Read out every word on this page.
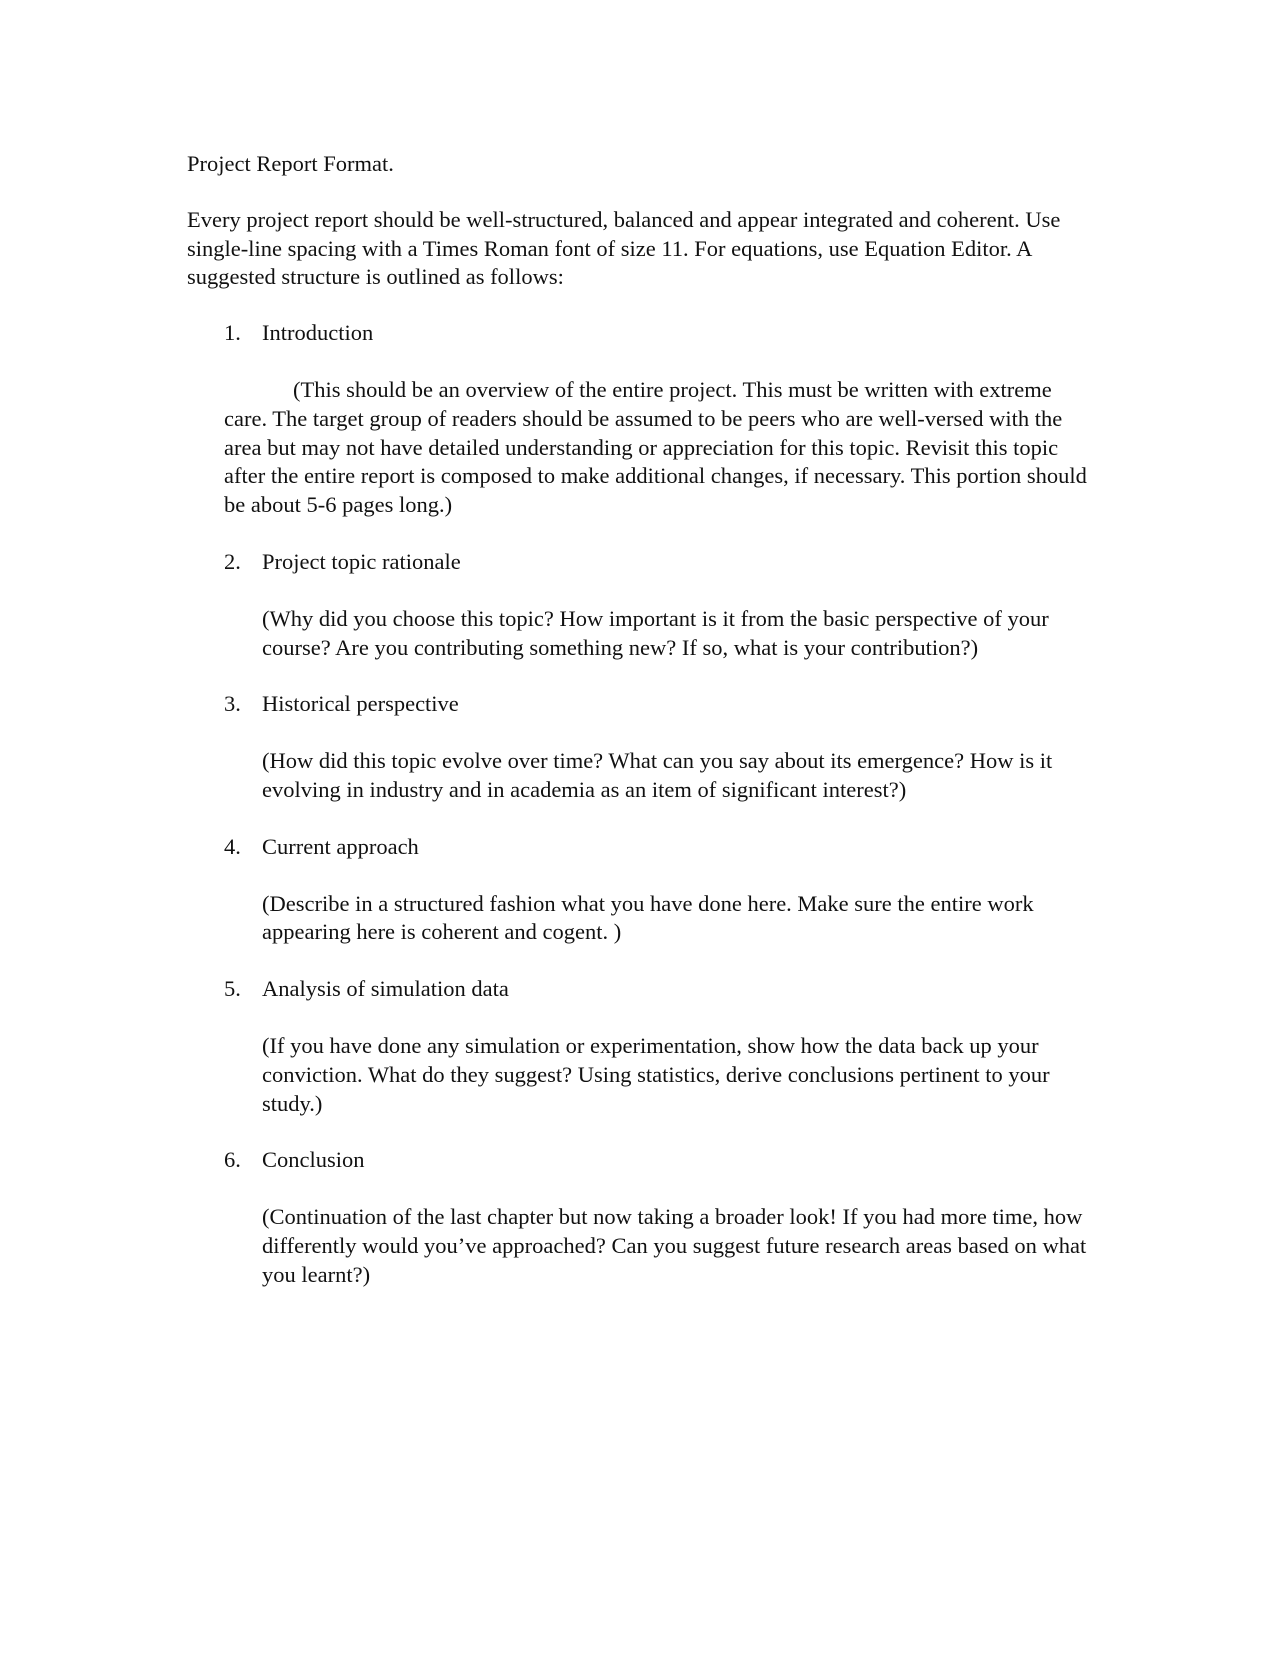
Project Report Format.

Every project report should be well-structured, balanced and appear integrated and coherent. Use single-line spacing with a Times Roman font of size 11. For equations, use Equation Editor. A suggested structure is outlined as follows:

1. Introduction

(This should be an overview of the entire project. This must be written with extreme care. The target group of readers should be assumed to be peers who are well-versed with the area but may not have detailed understanding or appreciation for this topic. Revisit this topic after the entire report is composed to make additional changes, if necessary. This portion should be about 5-6 pages long.)

2. Project topic rationale

(Why did you choose this topic? How important is it from the basic perspective of your course? Are you contributing something new? If so, what is your contribution?)

3. Historical perspective

(How did this topic evolve over time? What can you say about its emergence? How is it evolving in industry and in academia as an item of significant interest?)

4. Current approach

(Describe in a structured fashion what you have done here. Make sure the entire work appearing here is coherent and cogent. )

5. Analysis of simulation data

(If you have done any simulation or experimentation, show how the data back up your conviction. What do they suggest? Using statistics, derive conclusions pertinent to your study.)

6. Conclusion

(Continuation of the last chapter but now taking a broader look! If you had more time, how differently would you’ve approached? Can you suggest future research areas based on what you learnt?)
